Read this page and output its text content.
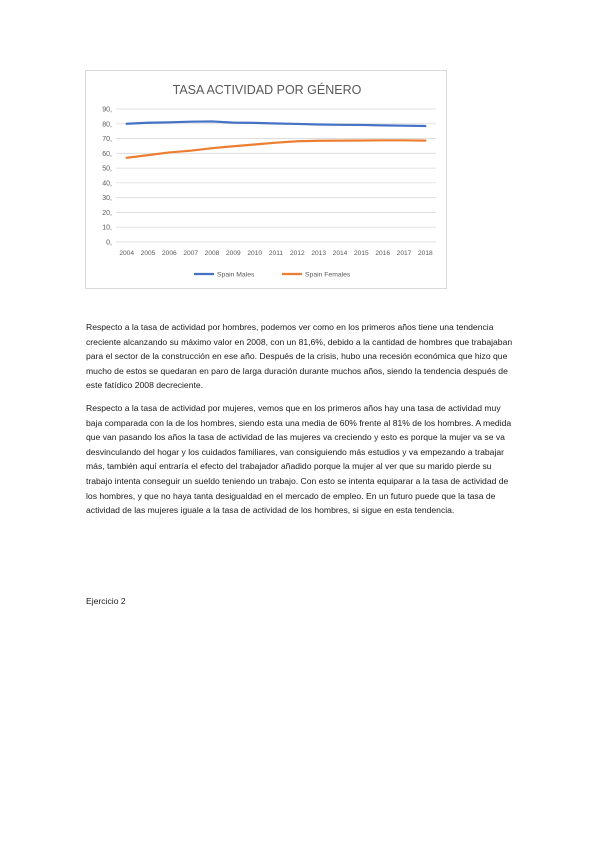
TASA ACTIVIDAD POR GÉNERO
0,
10,
20,
30,
40,
50,
60,
70,
80,
90,
2004 2005 2006 2007 2008 2009 2010 2011 2012 2013 2014 2015 2016 2017 2018
Spain Males	Spain Females

Respecto a la tasa de actividad por hombres, podemos ver como en los primeros años tiene una tendencia creciente alcanzando su máximo valor en 2008, con un 81,6%, debido a la cantidad de hombres que trabajaban para el sector de la construcción en ese año. Después de la crisis, hubo una recesión económica que hizo que mucho de estos se quedaran en paro de larga duración durante muchos años, siendo la tendencia después de este fatídico 2008 decreciente.

Respecto a la tasa de actividad por mujeres, vemos que en los primeros años hay una tasa de actividad muy baja comparada con la de los hombres, siendo esta una media de 60% frente al 81% de los hombres. A medida que van pasando los años la tasa de actividad de las mujeres va creciendo y esto es porque la mujer va se va desvinculando del hogar y los cuidados familiares, van consiguiendo más estudios y va empezando a trabajar más, también aquí entraría el efecto del trabajador añadido porque la mujer al ver que su marido pierde su trabajo intenta conseguir un sueldo teniendo un trabajo. Con esto se intenta equiparar a la tasa de actividad de los hombres, y que no haya tanta desigualdad en el mercado de empleo. En un futuro puede que la tasa de actividad de las mujeres iguale a la tasa de actividad de los hombres, si sigue en esta tendencia.

Ejercicio 2
